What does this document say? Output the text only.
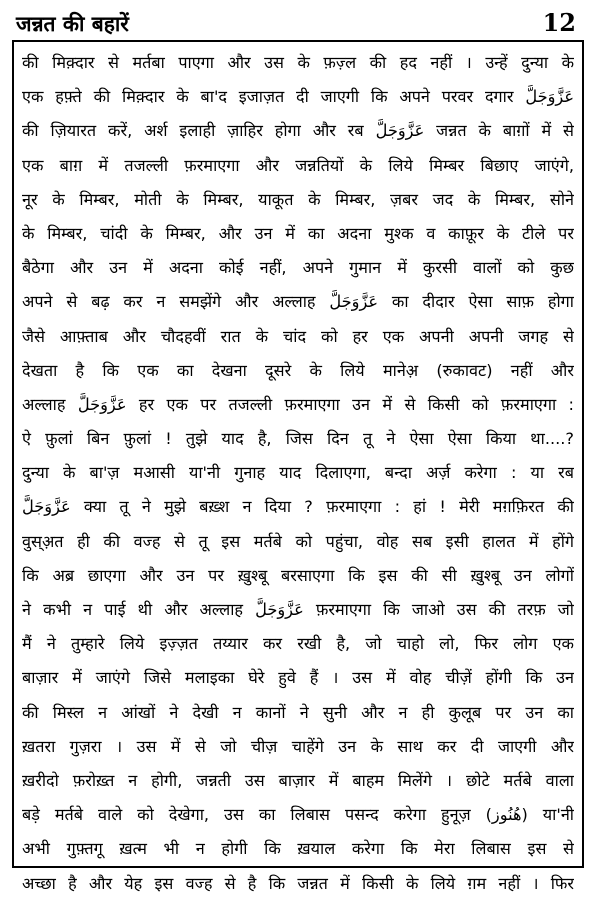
जन्नत की बहारें	12
की मिक़्दार से मर्तबा पाएगा और उस के फ़ज़्ल की हद नहीं । उन्हें दुन्या के
एक हफ़्ते की मिक़्दार के बा'द इजाज़त दी जाएगी कि अपने परवर दगार عَزَّوَجَلَّ
की ज़ियारत करें, अर्श इलाही ज़ाहिर होगा और रब عَزَّوَجَلَّ जन्नत के बाग़ों में से
एक बाग़ में तजल्ली फ़रमाएगा और जन्नतियों के लिये मिम्बर बिछाए जाएंगे,
नूर के मिम्बर, मोती के मिम्बर, याकूत के मिम्बर, ज़बर जद के मिम्बर, सोने
के मिम्बर, चांदी के मिम्बर, और उन में का अदना मुश्क व काफ़ूर के टीले पर
बैठेगा और उन में अदना कोई नहीं, अपने गुमान में कुरसी वालों को कुछ
अपने से बढ़ कर न समझेंगे और अल्लाह عَزَّوَجَلَّ का दीदार ऐसा साफ़ होगा
जैसे आफ़्ताब और चौदहवीं रात के चांद को हर एक अपनी अपनी जगह से
देखता है कि एक का देखना दूसरे के लिये मानेअ़ (रुकावट) नहीं और
अल्लाह عَزَّوَجَلَّ हर एक पर तजल्ली फ़रमाएगा उन में से किसी को फ़रमाएगा :
ऐ फ़ुलां बिन फ़ुलां ! तुझे याद है, जिस दिन तू ने ऐसा ऐसा किया था....?
दुन्या के बा'ज़ मआसी या'नी गुनाह याद दिलाएगा, बन्दा अर्ज़ करेगा : या रब
عَزَّوَجَلَّ क्या तू ने मुझे बख़्श न दिया ? फ़रमाएगा : हां ! मेरी मग़फ़िरत की
वुस्अ़त ही की वज्ह से तू इस मर्तबे को पहुंचा, वोह सब इसी हालत में होंगे
कि अब्र छाएगा और उन पर ख़ुश्बू बरसाएगा कि इस की सी ख़ुश्बू उन लोगों
ने कभी न पाई थी और अल्लाह عَزَّوَجَلَّ फ़रमाएगा कि जाओ उस की तरफ़ जो
मैं ने तुम्हारे लिये इज़्ज़त तय्यार कर रखी है, जो चाहो लो, फिर लोग एक
बाज़ार में जाएंगे जिसे मलाइका घेरे हुवे हैं । उस में वोह चीज़ें होंगी कि उन
की मिस्ल न आंखों ने देखी न कानों ने सुनी और न ही कुलूब पर उन का
ख़तरा गुज़रा । उस में से जो चीज़ चाहेंगे उन के साथ कर दी जाएगी और
ख़रीदो फ़रोख़्त न होगी, जन्नती उस बाज़ार में बाहम मिलेंगे । छोटे मर्तबे वाला
बड़े मर्तबे वाले को देखेगा, उस का लिबास पसन्द करेगा हुनूज़ (هُنُوز) या'नी
अभी गुफ़्तगू ख़त्म भी न होगी कि ख़याल करेगा कि मेरा लिबास इस से
अच्छा है और येह इस वज्ह से है कि जन्नत में किसी के लिये ग़म नहीं । फिर
